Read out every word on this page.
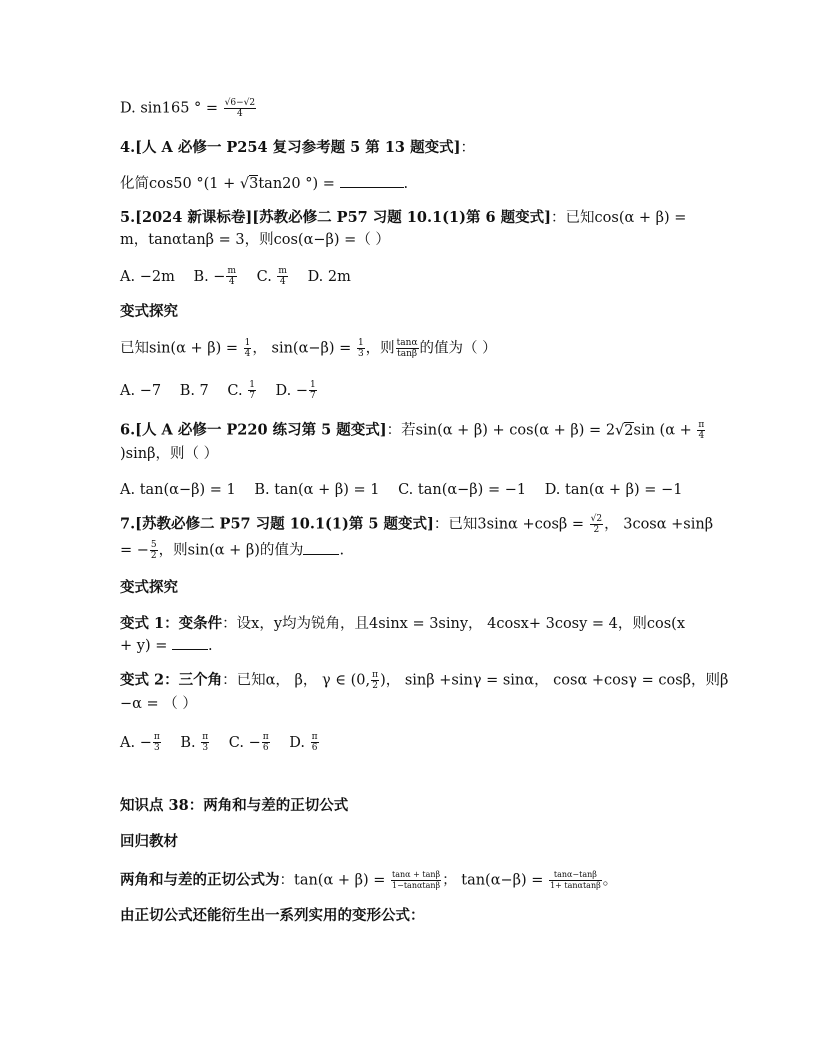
D. sin165 ° = $\frac{√6-√2}{4}$
4.[人 A 必修一 P254 复习参考题 5 第 13 题变式]：
化简cos50 °(1 + √3tan20 °) =	.
5.[2024 新课标卷][苏教必修二 P57 习题 10.1(1)第 6 题变式]：已知cos(α + β) =
m，tanαtanβ = 3，则cos(α−β) =（ ）
A. −2m B. − $\frac{m}{4} C$. $\frac{m}{4} D$. 2m
变式探究
已知$\sin(\alpha + \beta) = \frac{1}{4}$ ， $\sin(\alpha-\beta) = \frac{1}{3}$ ，则 $\frac{\tan\alpha}{\tan\beta}$ 的值为（ ）
A. −7 B. 7 C. $\frac{1}{7} D$. − $\frac{1}{7}$
6.[人 A 必修一 P220 练习第 5 题变式]：若sin(α + β) + cos(α + β) = 2√2sin ($\alpha + \frac{\pi}{4}$
)sinβ，则（ ）
A. tan(α−β) = 1 B. tan(α + β) = 1 C. tan(α−β) = −1 D. tan(α + β) = −1
7.[苏教必修二 P57 习题 10.1(1)第 5 题变式]：已知$3\sin\alpha +\cos\beta = \frac{√2}{2}$ ， 3cosα +sinβ
= − $\frac{5}{2}$ ，则sin(α + β)的值为 .
变式探究
变式 1：变条件：设x，y均为锐角，且4sinx = 3siny， 4cosx+ 3cosy = 4，则cos(x
+ y) = .
变式 2：三个角：已知α， β， γ ∈ (0, $\frac{\pi}{2}$ )， sinβ +sinγ = sinα， cosα +cosγ = cosβ，则β
−α = （ ）
A. − $\frac{\pi}{3} B$. $\frac{\pi}{3} C$. − $\frac{\pi}{6} D$. $\frac{\pi}{6}$
知识点 38：两角和与差的正切公式
回归教材
两角和与差的正切公式为：$\tan(\alpha + \beta) = \frac{\tan\alpha + \tan\beta}{1-\tan\alpha\tan\beta}$ ； $\tan(\alpha-\beta) = \frac{\tan\alpha-\tan\beta}{1+ \tan\alpha\tan\beta}$ 。
由正切公式还能衍生出一系列实用的变形公式：
